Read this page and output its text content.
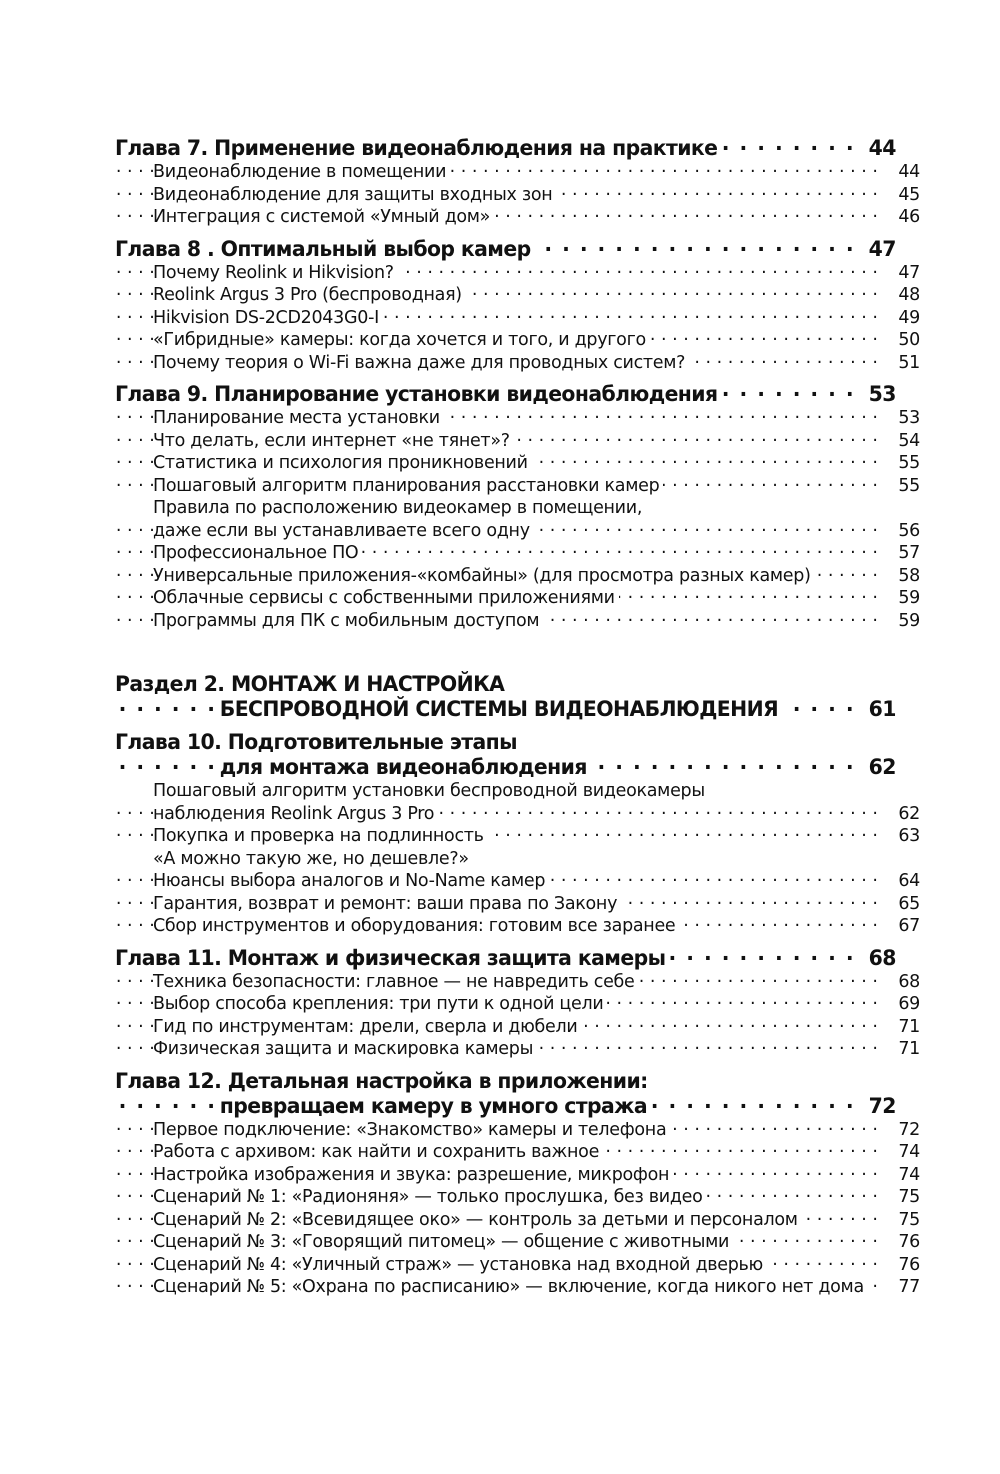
Глава 7. Применение видеонаблюдения на практике	44
Видеонаблюдение в помещении	44
Видеонаблюдение для защиты входных зон	45
Интеграция с системой «Умный дом»	46
Глава 8 . Оптимальный выбор камер	47
Почему Reolink и Hikvision?	47
Reolink Argus 3 Pro (беспроводная)	48
Hikvision DS-2CD2043G0-I	49
«Гибридные» камеры: когда хочется и того, и другого	50
Почему теория о Wi-Fi важна даже для проводных систем?	51
Глава 9. Планирование установки видеонаблюдения	53
Планирование места установки	53
Что делать, если интернет «не тянет»?	54
Статистика и психология проникновений	55
Пошаговый алгоритм планирования расстановки камер	55
Правила по расположению видеокамер в помещении,
даже если вы устанавливаете всего одну	56
Профессиональное ПО	57
Универсальные приложения-«комбайны» (для просмотра разных камер)	58
Облачные сервисы с собственными приложениями	59
Программы для ПК с мобильным доступом	59
Раздел 2. МОНТАЖ И НАСТРОЙКА
БЕСПРОВОДНОЙ СИСТЕМЫ ВИДЕОНАБЛЮДЕНИЯ	61
Глава 10. Подготовительные этапы
для монтажа видеонаблюдения	62
Пошаговый алгоритм установки беспроводной видеокамеры
наблюдения Reolink Argus 3 Pro	62
Покупка и проверка на подлинность	63
«А можно такую же, но дешевле?»
Нюансы выбора аналогов и No-Name камер	64
Гарантия, возврат и ремонт: ваши права по Закону	65
Сбор инструментов и оборудования: готовим все заранее	67
Глава 11. Монтаж и физическая защита камеры	68
Техника безопасности: главное — не навредить себе	68
Выбор способа крепления: три пути к одной цели	69
Гид по инструментам: дрели, сверла и дюбели	71
Физическая защита и маскировка камеры	71
Глава 12. Детальная настройка в приложении:
превращаем камеру в умного стража	72
Первое подключение: «Знакомство» камеры и телефона	72
Работа с архивом: как найти и сохранить важное	74
Настройка изображения и звука: разрешение, микрофон	74
Сценарий № 1: «Радионяня» — только прослушка, без видео	75
Сценарий № 2: «Всевидящее око» — контроль за детьми и персоналом	75
Сценарий № 3: «Говорящий питомец» — общение с животными	76
Сценарий № 4: «Уличный страж» — установка над входной дверью	76
Сценарий № 5: «Охрана по расписанию» — включение, когда никого нет дома	77
